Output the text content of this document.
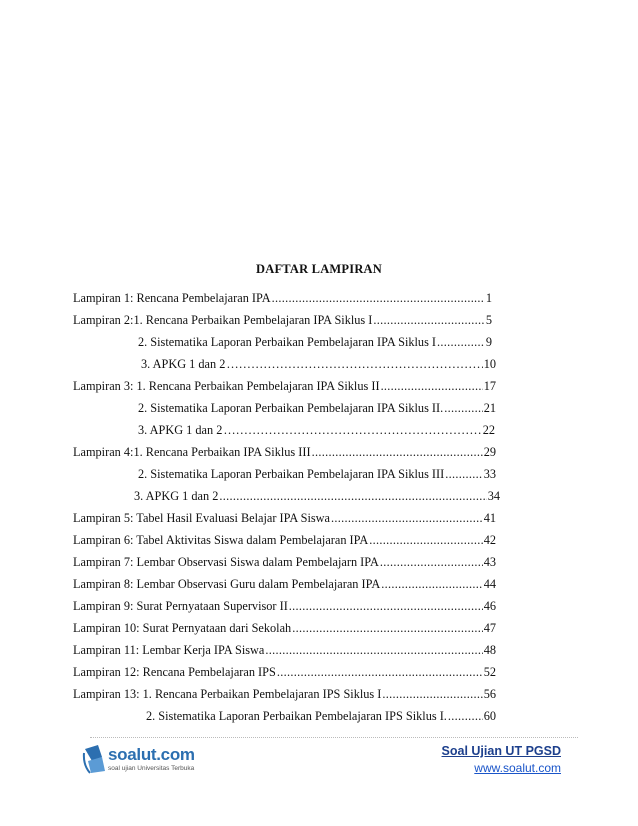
DAFTAR LAMPIRAN
Lampiran 1: Rencana Pembelajaran IPA .....	1
Lampiran 2:1. Rencana Perbaikan Pembelajaran IPA Siklus I .....	5
2. Sistematika Laporan Perbaikan Pembelajaran IPA Siklus I .....	9
3. APKG 1 dan 2 ……………………………………………………………………………………………………………………………	10
Lampiran 3: 1. Rencana Perbaikan Pembelajaran IPA Siklus II .....	17
2. Sistematika Laporan Perbaikan Pembelajaran IPA Siklus II. .....	21
3. APKG 1 dan 2 ……………………………………………………………………………………………………………………………	22
Lampiran 4:1. Rencana Perbaikan IPA Siklus III .....	29
2. Sistematika Laporan Perbaikan Pembelajaran IPA Siklus III .....	33
3. APKG 1 dan 2 .....	34
Lampiran 5: Tabel Hasil Evaluasi Belajar IPA Siswa .....	41
Lampiran 6: Tabel Aktivitas Siswa dalam Pembelajaran IPA .....	42
Lampiran 7: Lembar Observasi Siswa dalam Pembelajarn IPA .....	43
Lampiran 8: Lembar Observasi Guru dalam Pembelajaran IPA .....	44
Lampiran 9: Surat Pernyataan Supervisor II .....	46
Lampiran 10: Surat Pernyataan dari Sekolah .....	47
Lampiran 11: Lembar Kerja IPA Siswa .....	48
Lampiran 12: Rencana Pembelajaran IPS .....	52
Lampiran 13: 1. Rencana Perbaikan Pembelajaran IPS Siklus I .....	56
2. Sistematika Laporan Perbaikan Pembelajaran IPS Siklus I. .....	60
soalut.com
soal ujian Universitas Terbuka
Soal Ujian UT PGSD
www.soalut.com
